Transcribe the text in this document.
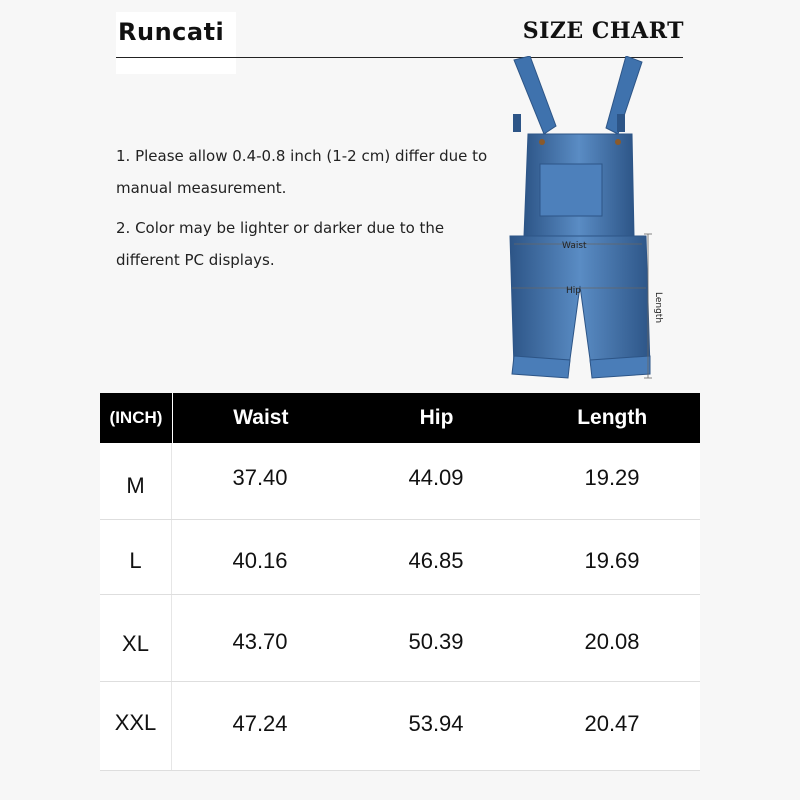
Runcati	SIZE CHART
1. Please allow 0.4-0.8 inch (1-2 cm) differ due to manual measurement.
2. Color may be lighter or darker due to the different PC displays.
Waist
Hip
Length
(INCH)	Waist	Hip	Length
M	37.40	44.09	19.29
L	40.16	46.85	19.69
XL	43.70	50.39	20.08
XXL	47.24	53.94	20.47
